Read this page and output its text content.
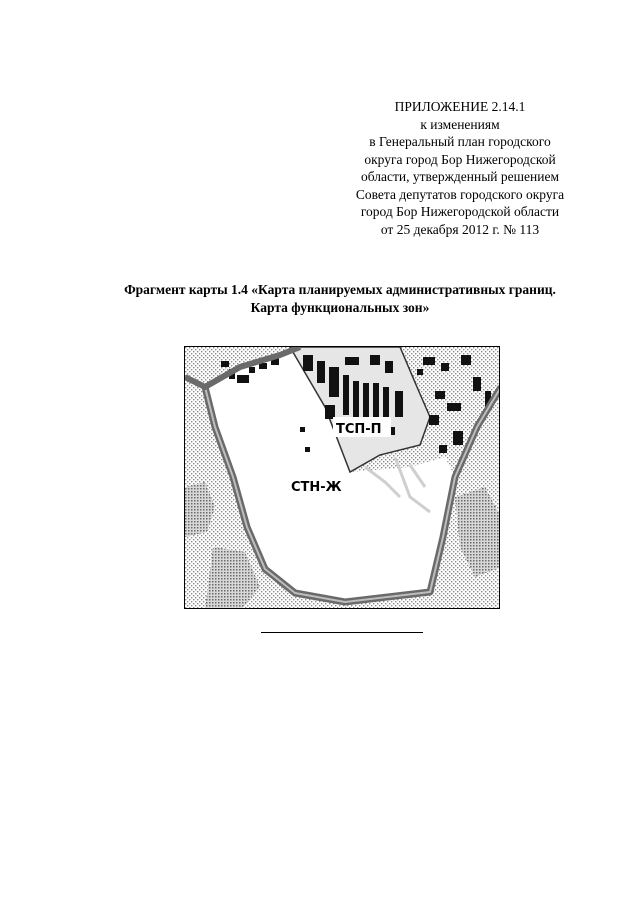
ПРИЛОЖЕНИЕ 2.14.1
к изменениям
в Генеральный план городского
округа город Бор Нижегородской
области, утвержденный решением
Совета депутатов городского округа
город Бор Нижегородской области
от 25 декабря 2012 г. № 113
Фрагмент карты 1.4 «Карта планируемых административных границ.
Карта функциональных зон»
ТСП-П
СТН-Ж
